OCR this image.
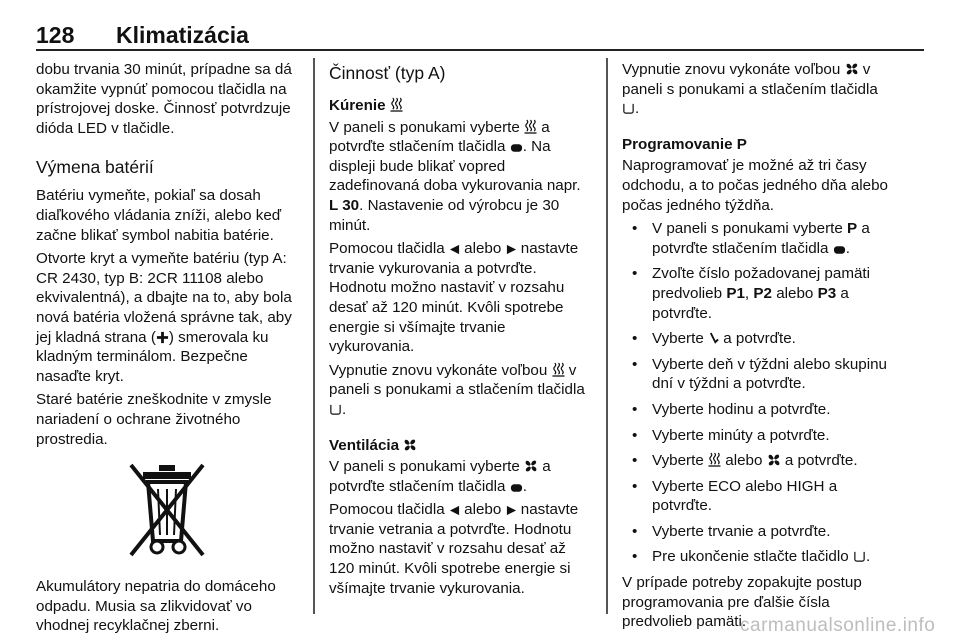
128 Klimatizácia

dobu trvania 30 minút, prípadne sa dá okamžite vypnúť pomocou tlačidla na prístrojovej doske. Činnosť potvrdzuje dióda LED v tlačidle.

Výmena batérií

Batériu vymeňte, pokiaľ sa dosah diaľkového vládania zníži, alebo keď začne blikať symbol nabitia batérie.

Otvorte kryt a vymeňte batériu (typ A: CR 2430, typ B: 2CR 11108 alebo ekvivalentná), a dbajte na to, aby bola nová batéria vložená správne tak, aby jej kladná strana ( ) smerovala ku kladným terminálom. Bezpečne nasaďte kryt.

Staré batérie zneškodnite v zmysle nariadení o ochrane životného prostredia.

Akumulátory nepatria do domáceho odpadu. Musia sa zlikvidovať vo vhodnej recyklačnej zberni.

Činnosť (typ A)
Kúrenie

V paneli s ponukami vyberte a potvrďte stlačením tlačidla . Na displeji bude blikať vopred zadefinovaná doba vykurovania napr. L 30. Nastavenie od výrobcu je 30 minút.

Pomocou tlačidla alebo nastavte trvanie vykurovania a potvrďte. Hodnotu možno nastaviť v rozsahu desať až 120 minút. Kvôli spotrebe energie si všímajte trvanie vykurovania.

Vypnutie znovu vykonáte voľbou v paneli s ponukami a stlačením tlačidla .

Ventilácia

V paneli s ponukami vyberte a potvrďte stlačením tlačidla .

Pomocou tlačidla alebo nastavte trvanie vetrania a potvrďte. Hodnotu možno nastaviť v rozsahu desať až 120 minút. Kvôli spotrebe energie si všímajte trvanie vykurovania.

Vypnutie znovu vykonáte voľbou v paneli s ponukami a stlačením tlačidla .

Programovanie P

Naprogramovať je možné až tri časy odchodu, a to počas jedného dňa alebo počas jedného týždňa.

• V paneli s ponukami vyberte P a potvrďte stlačením tlačidla .
• Zvoľte číslo požadovanej pamäti predvolieb P1, P2 alebo P3 a potvrďte.
• Vyberte a potvrďte.
• Vyberte deň v týždni alebo skupinu dní v týždni a potvrďte.
• Vyberte hodinu a potvrďte.
• Vyberte minúty a potvrďte.
• Vyberte alebo a potvrďte.
• Vyberte ECO alebo HIGH a potvrďte.
• Vyberte trvanie a potvrďte.
• Pre ukončenie stlačte tlačidlo .

V prípade potreby zopakujte postup programovania pre ďalšie čísla predvolieb pamäti.

carmanualsonline.info
